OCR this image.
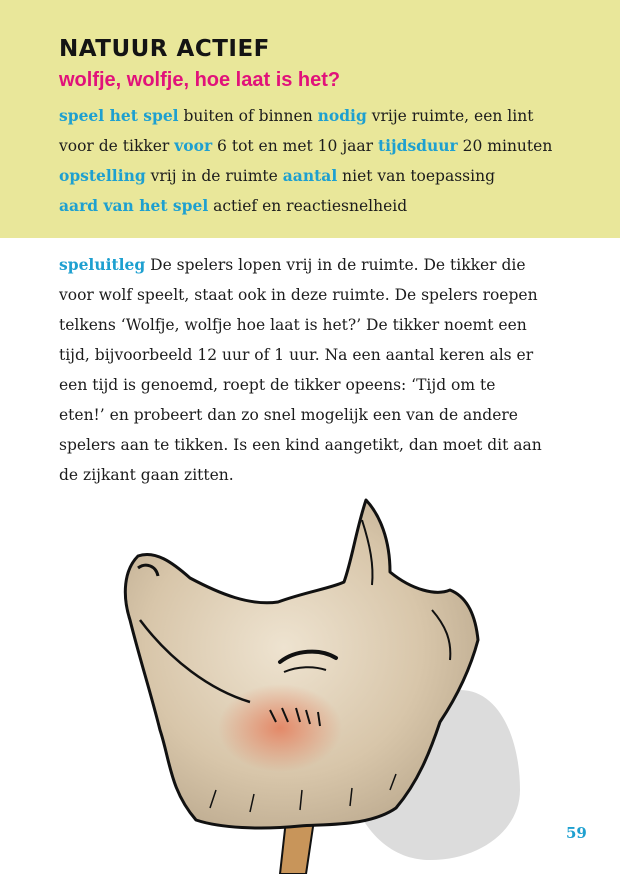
NATUUR ACTIEF
wolfje, wolfje, hoe laat is het?
speel het spel buiten of binnen nodig vrije ruimte, een lint
voor de tikker voor 6 tot en met 10 jaar tijdsduur 20 minuten
opstelling vrij in de ruimte aantal niet van toepassing
aard van het spel actief en reactiesnelheid
speluitleg De spelers lopen vrij in de ruimte. De tikker die
voor wolf speelt, staat ook in deze ruimte. De spelers roepen
telkens ‘Wolfje, wolfje hoe laat is het?’ De tikker noemt een
tijd, bijvoorbeeld 12 uur of 1 uur. Na een aantal keren als er
een tijd is genoemd, roept de tikker opeens: ‘Tijd om te
eten!’ en probeert dan zo snel mogelijk een van de andere
spelers aan te tikken. Is een kind aangetikt, dan moet dit aan
de zijkant gaan zitten.
59
